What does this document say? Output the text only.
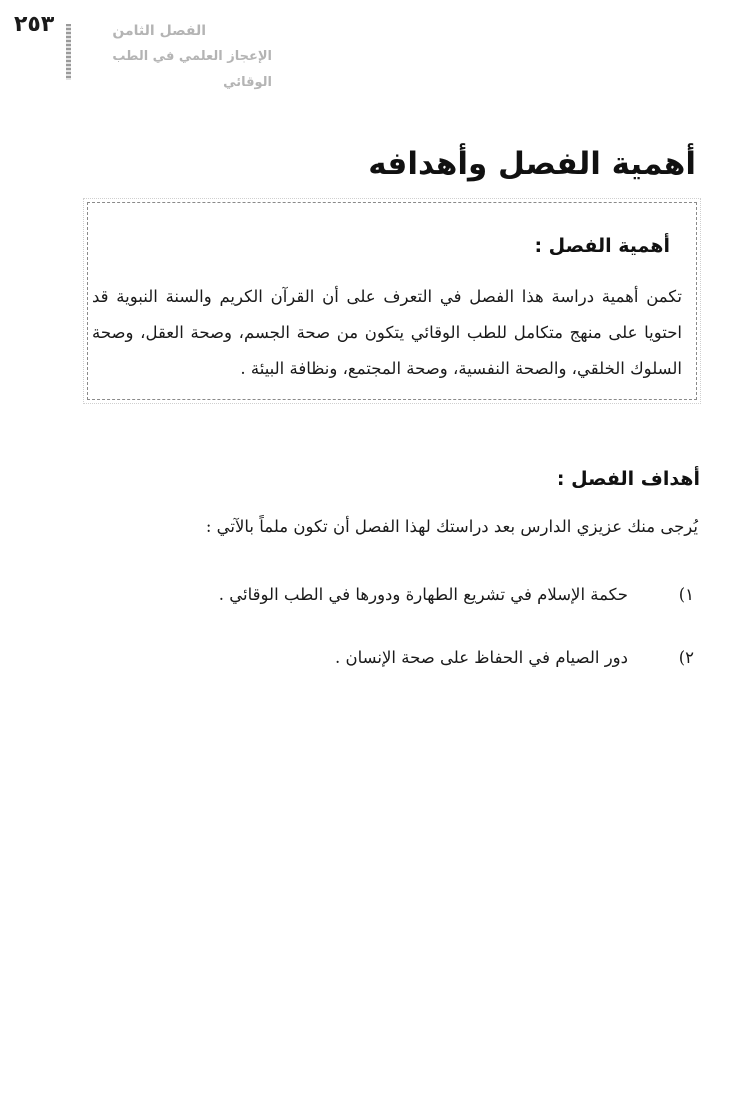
٢٥٣	الفصل الثامن
الإعجاز العلمي في الطب الوقائي
أهمية الفصل وأهدافه
أهمية الفصل :

تكمن أهمية دراسة هذا الفصل في التعرف على أن القرآن الكريم والسنة النبوية قد احتويا على منهج متكامل للطب الوقائي يتكون من صحة الجسم، وصحة العقل، وصحة السلوك الخلقي، والصحة النفسية، وصحة المجتمع، ونظافة البيئة .

أهداف الفصل :
يُرجى منك عزيزي الدارس بعد دراستك لهذا الفصل أن تكون ملماً بالآتي :
١)حكمة الإسلام في تشريع الطهارة ودورها في الطب الوقائي .
٢)دور الصيام في الحفاظ على صحة الإنسان .
